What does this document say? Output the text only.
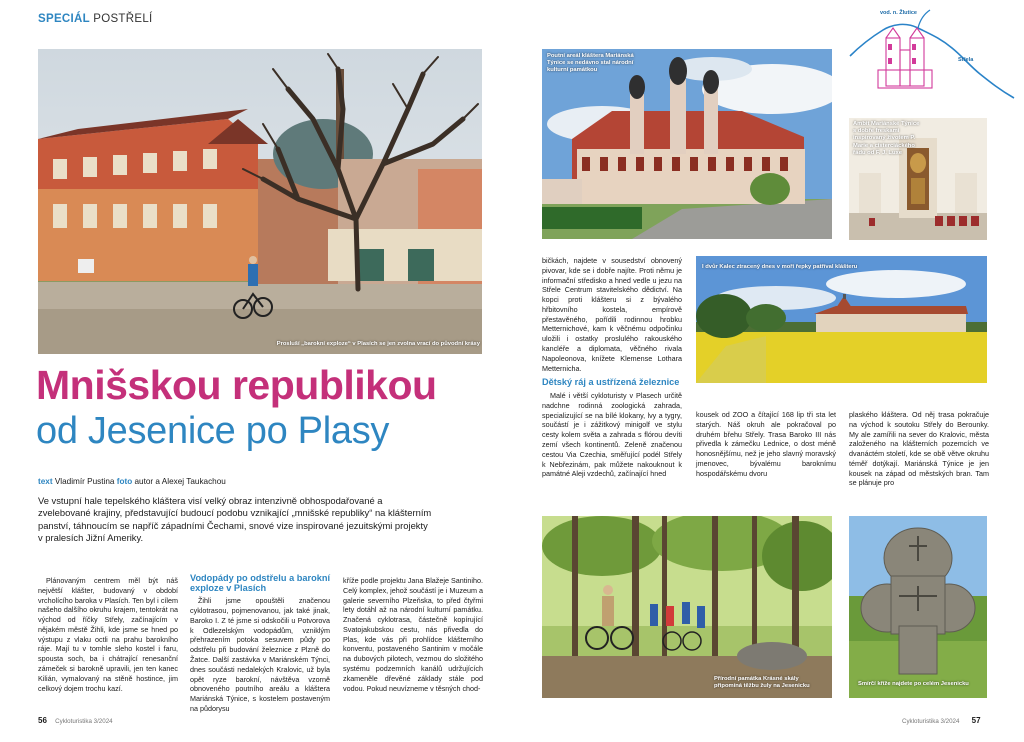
SPECIÁL POSTŘELÍ
Prosluší „barokní exploze“ v Plasích se jen zvolna vrací do původní krásy
Mnišskou republikou
od Jesenice po Plasy
text Vladimír Pustina foto autor a Alexej Taukachou
Ve vstupní hale tepelského kláštera visí velký obraz intenzivně obhospodařované a zvelebované krajiny, představující budoucí podobu vznikající „mnišské republiky“ na klášterním panství, táhnoucím se napříč západními Čechami, snové vize inspirované jezuitskými projekty v pralesích Jižní Ameriky.

Plánovaným centrem měl být náš největší klášter, budovaný v období vrcholícího baroka v Plasích. Ten byl i cílem našeho dalšího okruhu krajem, tentokrát na východ od říčky Střely, začínajícím v nějakém městě Žihli, kde jsme se hned po výstupu z vlaku octli na prahu barokního ráje. Mají tu v tomhle sleho kostel i faru, spousta soch, ba i chátrající renesanční zámeček si barokně upravili, jen ten kanec Kilián, vymalovaný na stěně hostince, jim celkový dojem trochu kazí.

Vodopády po odstřelu a barokní exploze v Plasích

Žihli jsme opouštěli značenou cyklotrasou, pojmenovanou, jak také jinak, Baroko I. Z té jsme si odskočili u Potvorova k Odlezelským vodopádům, vzniklým přehrazením potoka sesuvem půdy po odstřelu při budování železnice z Plzně do Žatce. Další zastávka v Mariánském Týnci, dnes součásti nedalekých Kralovic, už byla opět ryze barokní, návštěva vzorně obnoveného poutního areálu a kláštera Mariánská Týnice, s kostelem postaveným na půdorysu

kříže podle projektu Jana Blažeje Santiniho. Celý komplex, jehož součástí je i Muzeum a galerie severního Plzeňska, to před čtyřmi lety dotáhl až na národní kulturní památku. Značená cyklotrasa, částečně kopírující Svatojakubskou cestu, nás přivedla do Plas, kde vás při prohlídce klášterního konventu, postaveného Santinim v močále na dubových pilotech, vezmou do složitého systému podzemních kanálů udržujících zkameněle dřevěné základy stále pod vodou. Pokud neuvízneme v těsných chod-

56 Cykloturistika 3/2024
Poutní areál kláštera Mariánská Týnice se nedávno stal národní kulturní památkou
vod. n. Žlutice
Střela
Ambit Mariánské Týnice s dobře freskami inspirovaný životem P. Marie a cisterciáckého řádu od F. J. Luxe

bičkách, najdete v sousedství obnovený pivovar, kde se i dobře najíte. Proti němu je informační středisko a hned vedle u jezu na Střele Centrum stavitelského dědictví. Na kopci proti klášteru si z bývalého hřbitovního kostela, empírově přestavěného, pořídili rodinnou hrobku Metternichové, kam k věčnému odpočinku uložili i ostatky proslulého rakouského kancléře a diplomata, věčného rivala Napoleonova, knížete Klemense Lothara Metternicha.

Dětský ráj a ustřízená železnice

Malé i větší cykloturisty v Plasech určitě nadchne rodinná zoologická zahrada, specializující se na bílé klokany, lvy a tygry, součástí je i zážitkový minigolf ve stylu cesty kolem světa a zahrada s flórou devíti zemí všech kontinentů. Zeleně značenou cestou Via Czechia, směřující podél Střely k Nebřezinám, pak můžete nakouknout k památné Aleji vzdechů, začínající hned

I dvůr Kalec ztracený dnes v moři řepky patříval klášteru

kousek od ZOO a čítající 168 lip tři sta let starých. Náš okruh ale pokračoval po druhém břehu Střely. Trasa Baroko III nás přivedla k zámečku Lednice, o dost méně honosnějšímu, než je jeho slavný moravský jmenovec, bývalému baroknímu hospodářskému dvoru

plaského kláštera. Od něj trasa pokračuje na východ k soutoku Střely do Berounky. My ale zamířili na sever do Kralovic, města založeného na klášterních pozemcích ve dvanáctém století, kde se obě větve okruhu téměř dotýkají. Mariánská Týnice je jen kousek na západ od městských bran. Tam se plánuje pro

Přírodní památka Krásné skály připomíná těžbu žuly na Jesenicku	Smírčí kříže najdete po celém Jesenicku
Cykloturistika 3/2024 57
